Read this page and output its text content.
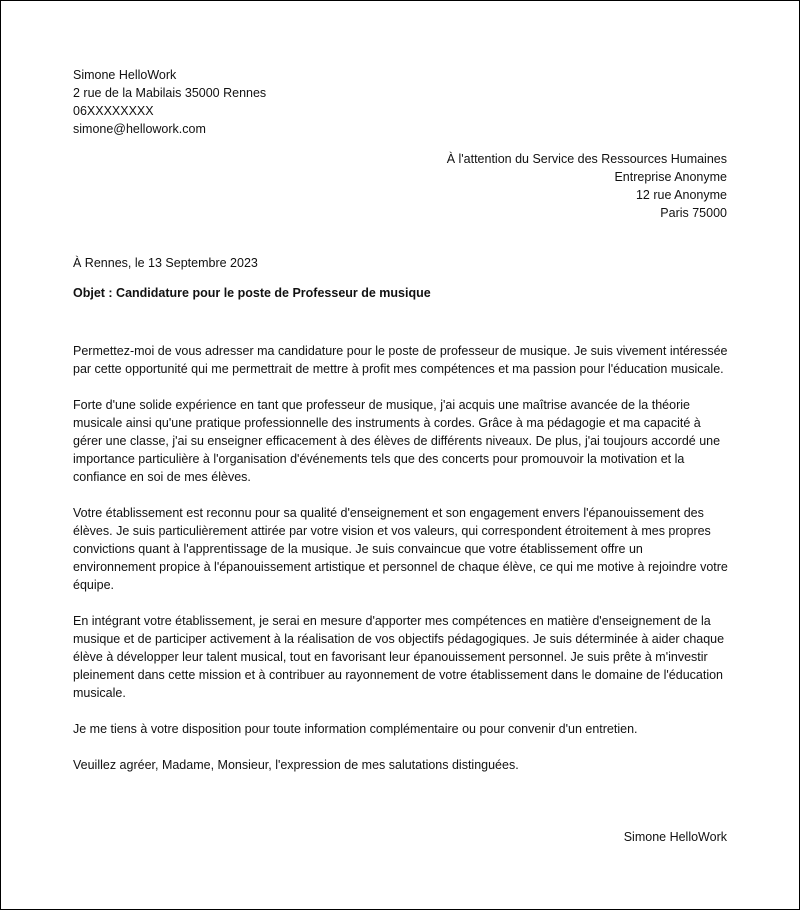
Simone HelloWork
2 rue de la Mabilais 35000 Rennes
06XXXXXXXX
simone@hellowork.com
À l'attention du Service des Ressources Humaines
Entreprise Anonyme
12 rue Anonyme
Paris 75000
À Rennes, le 13 Septembre 2023
Objet : Candidature pour le poste de Professeur de musique

Permettez-moi de vous adresser ma candidature pour le poste de professeur de musique. Je suis vivement intéressée par cette opportunité qui me permettrait de mettre à profit mes compétences et ma passion pour l'éducation musicale.

Forte d'une solide expérience en tant que professeur de musique, j'ai acquis une maîtrise avancée de la théorie musicale ainsi qu'une pratique professionnelle des instruments à cordes. Grâce à ma pédagogie et ma capacité à gérer une classe, j'ai su enseigner efficacement à des élèves de différents niveaux. De plus, j'ai toujours accordé une importance particulière à l'organisation d'événements tels que des concerts pour promouvoir la motivation et la confiance en soi de mes élèves.

Votre établissement est reconnu pour sa qualité d'enseignement et son engagement envers l'épanouissement des élèves. Je suis particulièrement attirée par votre vision et vos valeurs, qui correspondent étroitement à mes propres convictions quant à l'apprentissage de la musique. Je suis convaincue que votre établissement offre un environnement propice à l'épanouissement artistique et personnel de chaque élève, ce qui me motive à rejoindre votre équipe.

En intégrant votre établissement, je serai en mesure d'apporter mes compétences en matière d'enseignement de la musique et de participer activement à la réalisation de vos objectifs pédagogiques. Je suis déterminée à aider chaque élève à développer leur talent musical, tout en favorisant leur épanouissement personnel. Je suis prête à m'investir pleinement dans cette mission et à contribuer au rayonnement de votre établissement dans le domaine de l'éducation musicale.

Je me tiens à votre disposition pour toute information complémentaire ou pour convenir d'un entretien.

Veuillez agréer, Madame, Monsieur, l'expression de mes salutations distinguées.

Simone HelloWork
